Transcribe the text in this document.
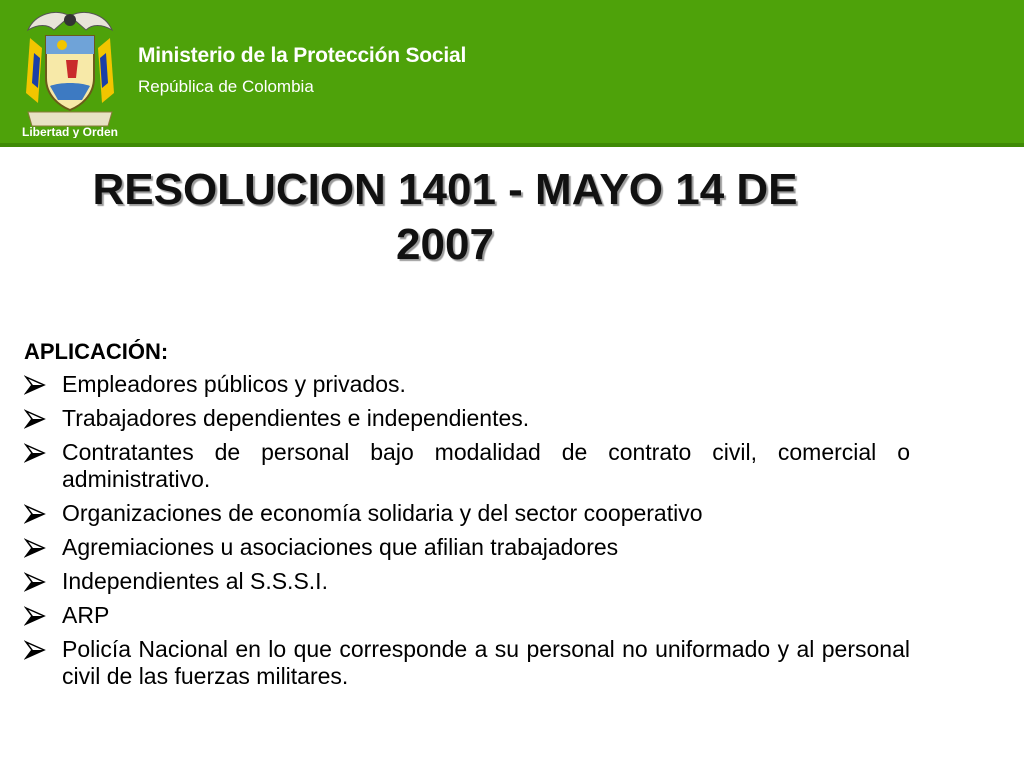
Libertad y Orden
Ministerio de la Protección Social
República de Colombia
RESOLUCION 1401 - MAYO 14 DE
2007
APLICACIÓN:
Empleadores públicos y privados.
Trabajadores dependientes e independientes.
Contratantes de personal bajo modalidad de contrato civil, comercial o administrativo.
Organizaciones de economía solidaria y del sector cooperativo
Agremiaciones u asociaciones que afilian trabajadores
Independientes al S.S.S.I.
ARP
Policía Nacional en lo que corresponde a su personal no uniformado y al personal civil de las fuerzas militares.
